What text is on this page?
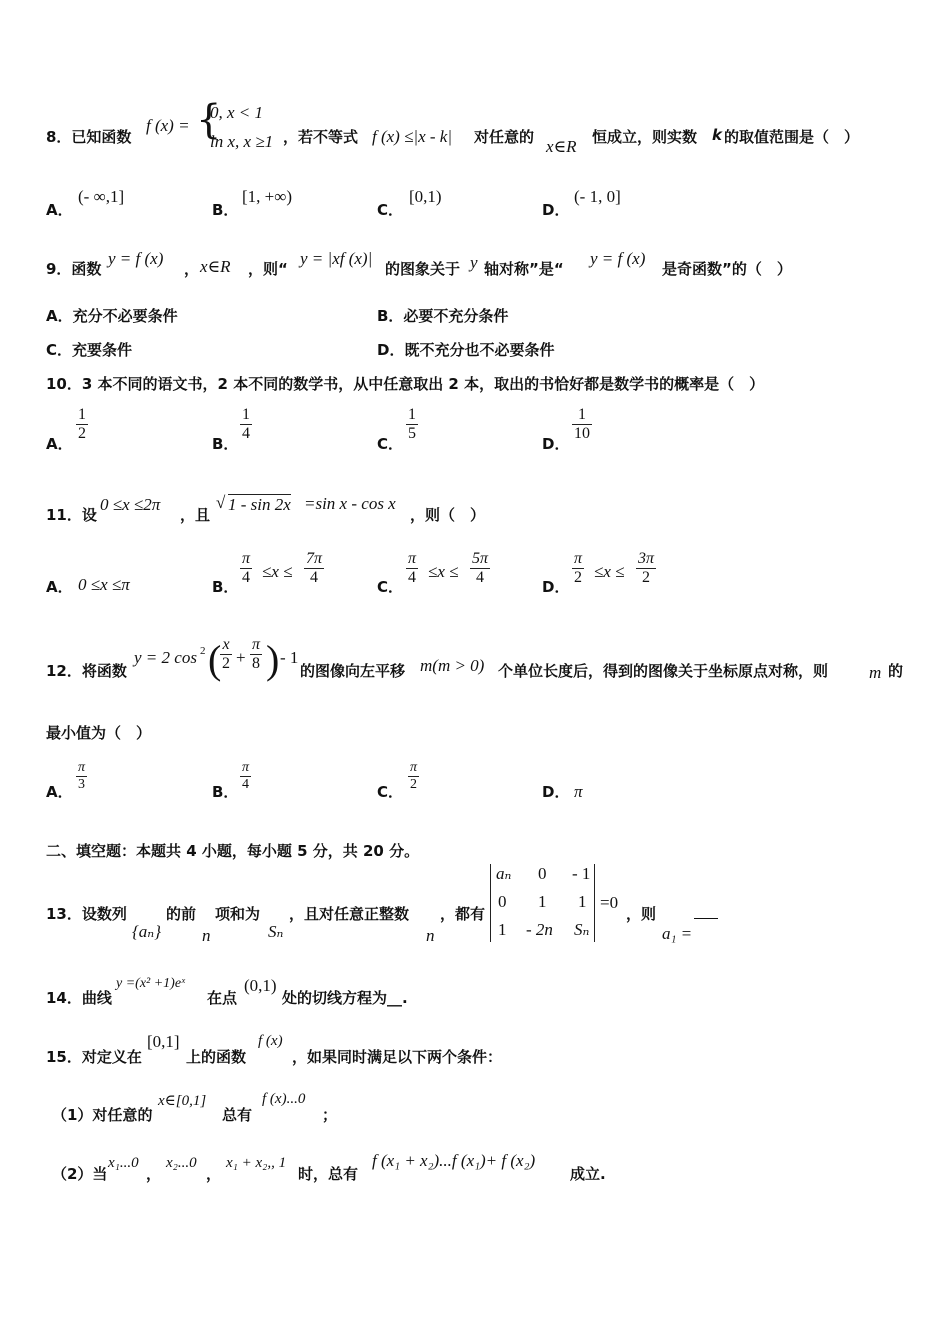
8．已知函数
f (x) = {
0, x < 1
ln x, x ≥1 ，若不等式 f (x) ≤|x - k| 对任意的 x∈R 恒成立，则实数 k 的取值范围是（　）
A．
(- ∞,1]
B．
[1, +∞)
C．
[0,1)
D．
(- 1, 0]
9．函数
y = f (x)
， x∈R ，则“
y = |xf (x)|
的图象关于 y 轴对称”是“
y = f (x)
是奇函数”的（　）
A．充分不必要条件	B．必要不充分条件
C．充要条件	D．既不充分也不必要条件
10．3 本不同的语文书，2 本不同的数学书，从中任意取出 2 本，取出的书恰好都是数学书的概率是（　）
A．
$\frac{1}{2}$
B．
$\frac{1}{4}$
C．
$\frac{1}{5}$
D．
$\frac{1}{10}$
11．设
0 ≤x ≤2π
，且
√ 1 - sin 2x =sin x - cos x
，则（　）
A． 0 ≤x ≤π	B． $\frac{\pi}{4} \le x \le \frac{7\pi}{4}$	C． $\frac{\pi}{4} \le x \le \frac{5\pi}{4}$	D． $\frac{\pi}{2} \le x \le \frac{3\pi}{2}$
12．将函数
y = 2 cos 2 (
$\frac{x}{2} + \frac{\pi}{8}$ ) - 1
的图像向左平移 m(m > 0) 个单位长度后，得到的图像关于坐标原点对称，则 m 的
最小值为（　）
A． $\frac{\pi}{3}$	B． $\frac{\pi}{4}$	C． $\frac{\pi}{2}$	D． π
二、填空题：本题共 4 小题，每小题 5 分，共 20 分。
13．设数列
{aₙ}
的前
n
项和为
Sₙ
，且对任意正整数
n
，都有
aₙ 0 - 1
0 1 1
1 - 2n Sₙ
=0
，则
a₁ =
14．曲线
y =(x² +1)eˣ
在点
(0,1)
处的切线方程为__.
15．对定义在
[0,1]
上的函数
f (x)
，如果同时满足以下两个条件：
（1）对任意的
x∈[0,1]
总有
f (x)...0
；
（2）当
x₁...0
，
x₂...0
，
x₁ + x₂,, 1
时，总有
f (x₁ + x₂)...f (x₁)+ f (x₂)
成立.
